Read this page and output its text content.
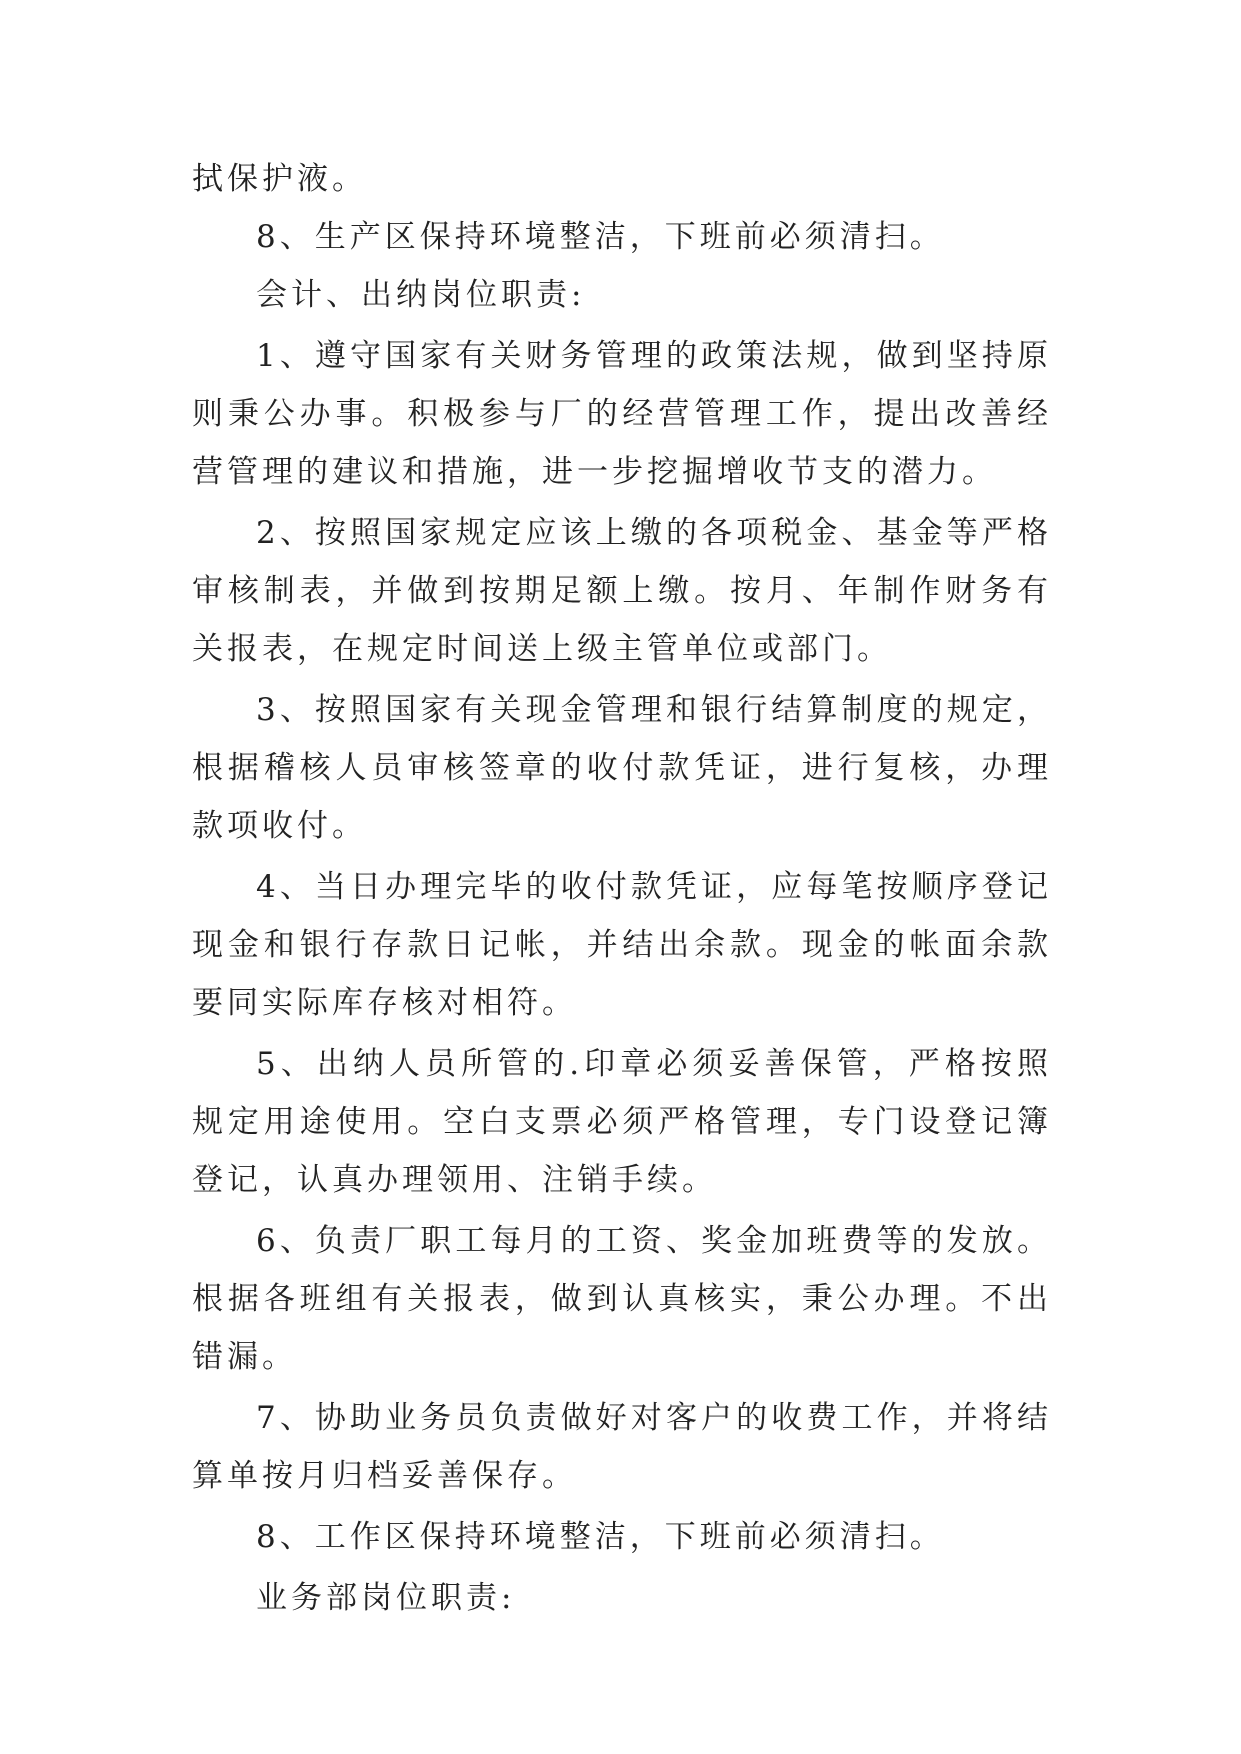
拭保护液。

8、生产区保持环境整洁，下班前必须清扫。

会计、出纳岗位职责:

1、遵守国家有关财务管理的政策法规，做到坚持原则秉公办事。积极参与厂的经营管理工作，提出改善经营管理的建议和措施，进一步挖掘增收节支的潜力。

2、按照国家规定应该上缴的各项税金、基金等严格审核制表，并做到按期足额上缴。按月、年制作财务有关报表，在规定时间送上级主管单位或部门。

3、按照国家有关现金管理和银行结算制度的规定，根据稽核人员审核签章的收付款凭证，进行复核，办理款项收付。

4、当日办理完毕的收付款凭证，应每笔按顺序登记现金和银行存款日记帐，并结出余款。现金的帐面余款要同实际库存核对相符。

5、出纳人员所管的.印章必须妥善保管，严格按照规定用途使用。空白支票必须严格管理，专门设登记簿登记，认真办理领用、注销手续。

6、负责厂职工每月的工资、奖金加班费等的发放。根据各班组有关报表，做到认真核实，秉公办理。不出错漏。

7、协助业务员负责做好对客户的收费工作，并将结算单按月归档妥善保存。

8、工作区保持环境整洁，下班前必须清扫。

业务部岗位职责:
